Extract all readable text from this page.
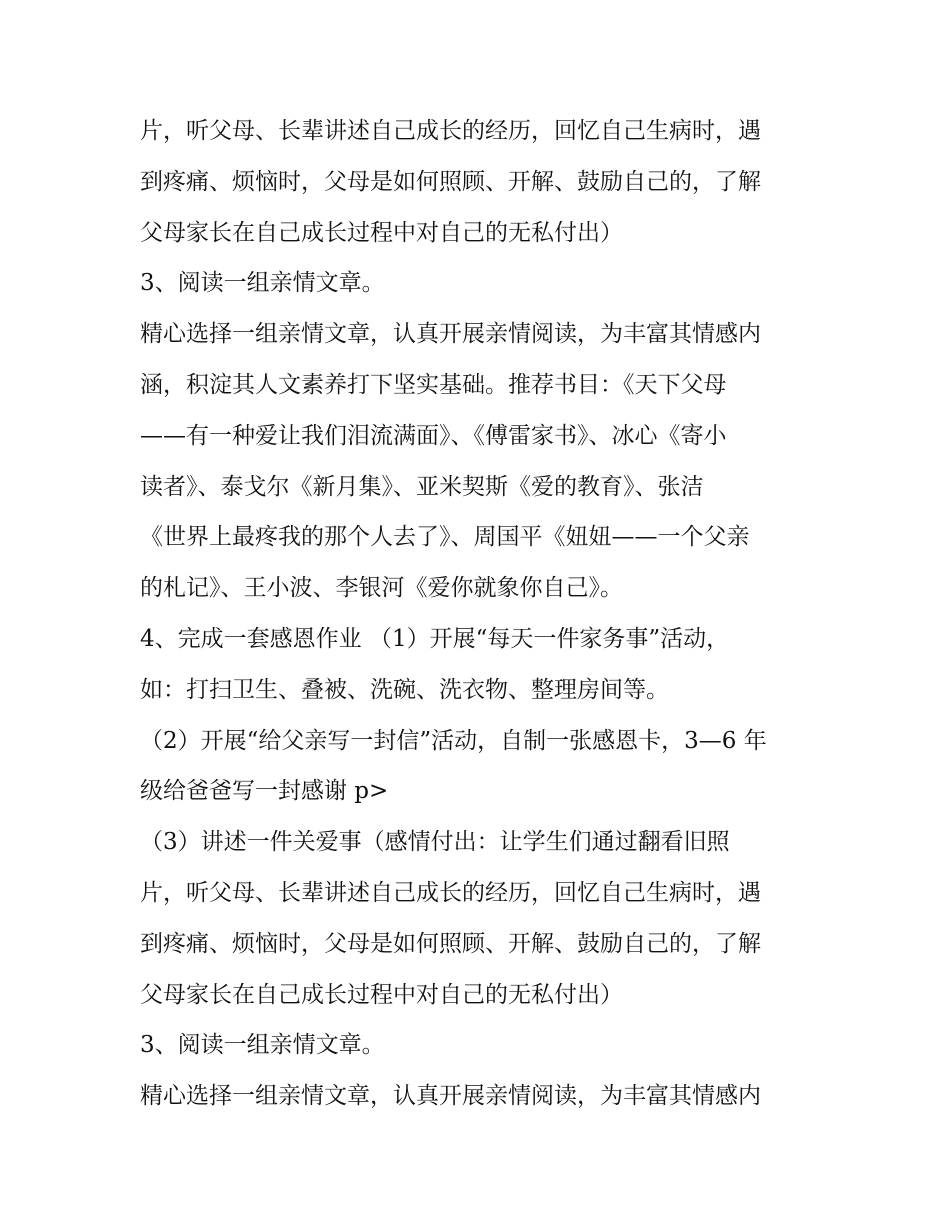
片，听父母、长辈讲述自己成长的经历，回忆自己生病时，遇
到疼痛、烦恼时，父母是如何照顾、开解、鼓励自己的，了解
父母家长在自己成长过程中对自己的无私付出）
3、阅读一组亲情文章。
精心选择一组亲情文章，认真开展亲情阅读，为丰富其情感内
涵，积淀其人文素养打下坚实基础。推荐书目：《天下父母
——有一种爱让我们泪流满面》、《傅雷家书》、冰心《寄小
读者》、泰戈尔《新月集》、亚米契斯《爱的教育》、张洁
《世界上最疼我的那个人去了》、周国平《妞妞——一个父亲
的札记》、王小波、李银河《爱你就象你自己》。
4、完成一套感恩作业 （1）开展“每天一件家务事”活动，
如：打扫卫生、叠被、洗碗、洗衣物、整理房间等。
（2）开展“给父亲写一封信”活动，自制一张感恩卡，3—6 年
级给爸爸写一封感谢 p>
（3）讲述一件关爱事（感情付出：让学生们通过翻看旧照
片，听父母、长辈讲述自己成长的经历，回忆自己生病时，遇
到疼痛、烦恼时，父母是如何照顾、开解、鼓励自己的，了解
父母家长在自己成长过程中对自己的无私付出）
3、阅读一组亲情文章。
精心选择一组亲情文章，认真开展亲情阅读，为丰富其情感内
